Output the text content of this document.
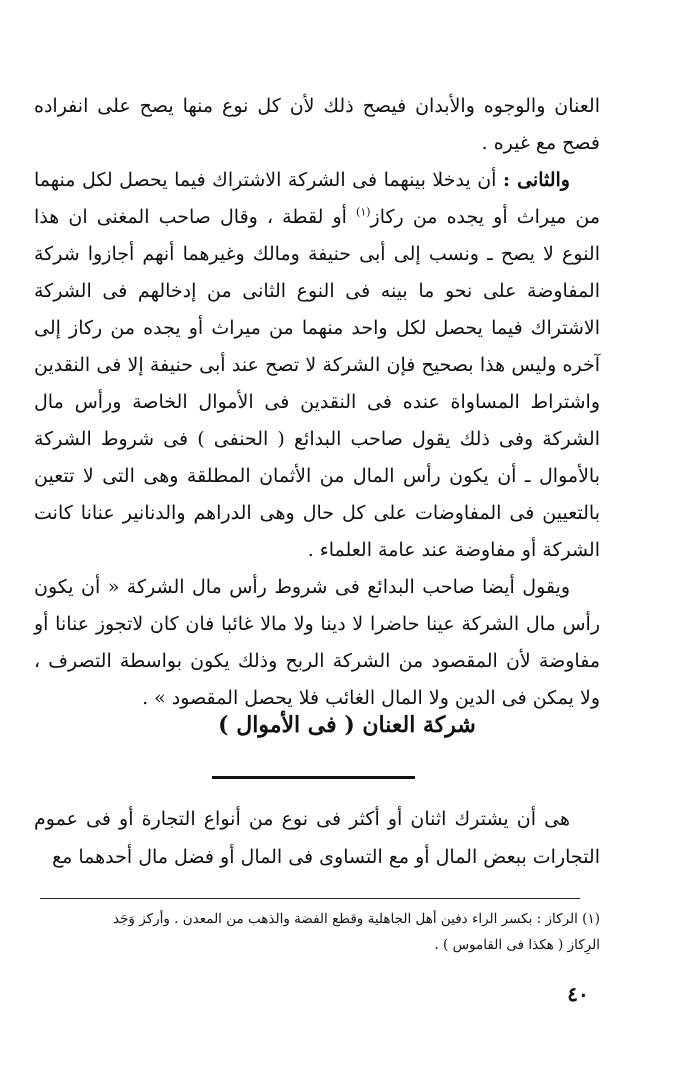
العنان والوجوه والأبدان فيصح ذلك لأن كل نوع منها يصح على انفراده فصح مع غيره .

والثانى : أن يدخلا بينهما فى الشركة الاشتراك فيما يحصل لكل منهما من ميراث أو يجده من ركاز$^{(١)}$ أو لقطة ، وقال صاحب المغنى ان هذا النوع لا يصح ـ ونسب إلى أبى حنيفة ومالك وغيرهما أنهم أجازوا شركة المفاوضة على نحو ما بينه فى النوع الثانى من إدخالهم فى الشركة الاشتراك فيما يحصل لكل واحد منهما من ميراث أو يجده من ركاز إلى آخره وليس هذا بصحيح فإن الشركة لا تصح عند أبى حنيفة إلا فى النقدين واشتراط المساواة عنده فى النقدين فى الأموال الخاصة ورأس مال الشركة وفى ذلك يقول صاحب البدائع ( الحنفى ) فى شروط الشركة بالأموال ـ أن يكون رأس المال من الأثمان المطلقة وهى التى لا تتعين بالتعيين فى المفاوضات على كل حال وهى الدراهم والدنانير عنانا كانت الشركة أو مفاوضة عند عامة العلماء .

ويقول أيضا صاحب البدائع فى شروط رأس مال الشركة « أن يكون رأس مال الشركة عينا حاضرا لا دينا ولا مالا غائبا فان كان لاتجوز عنانا أو مفاوضة لأن المقصود من الشركة الربح وذلك يكون بواسطة التصرف ، ولا يمكن فى الدين ولا المال الغائب فلا يحصل المقصود » .

شركة العنان ( فى الأموال )

هى أن يشترك اثنان أو أكثر فى نوع من أنواع التجارة أو فى عموم التجارات ببعض المال أو مع التساوى فى المال أو فضل مال أحدهما مع

(١) الركاز : بكسر الراء دفين أهل الجاهلية وقطع الفضة والذهب من المعدن . وأركز وَجَد

الرِكاز ( هكذا فى القاموس ) .

٤٠
